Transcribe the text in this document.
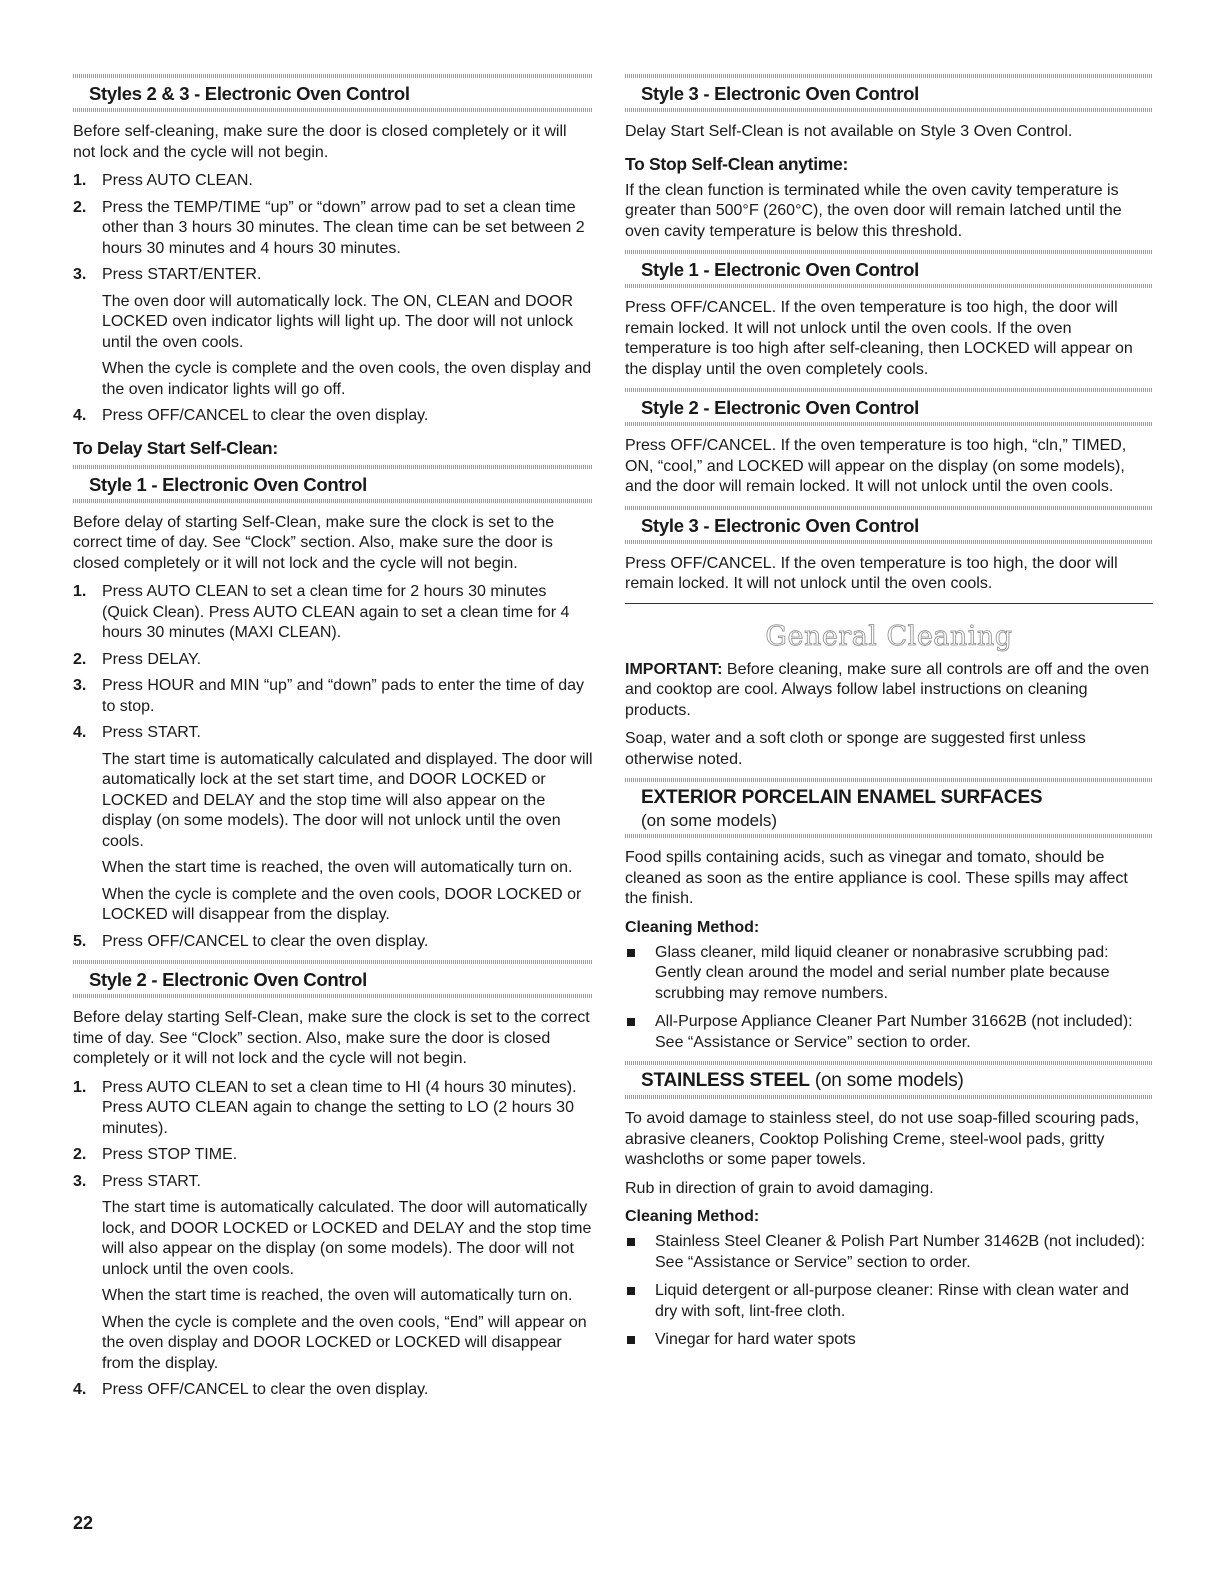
Styles 2 & 3 - Electronic Oven Control

Before self-cleaning, make sure the door is closed completely or it will not lock and the cycle will not begin.

1. Press AUTO CLEAN.
2. Press the TEMP/TIME “up” or “down” arrow pad to set a clean time other than 3 hours 30 minutes. The clean time can be set between 2 hours 30 minutes and 4 hours 30 minutes.
3. Press START/ENTER.
The oven door will automatically lock. The ON, CLEAN and DOOR LOCKED oven indicator lights will light up. The door will not unlock until the oven cools.
When the cycle is complete and the oven cools, the oven display and the oven indicator lights will go off.
4. Press OFF/CANCEL to clear the oven display.
To Delay Start Self-Clean:
Style 1 - Electronic Oven Control

Before delay of starting Self-Clean, make sure the clock is set to the correct time of day. See “Clock” section. Also, make sure the door is closed completely or it will not lock and the cycle will not begin.

1. Press AUTO CLEAN to set a clean time for 2 hours 30 minutes (Quick Clean). Press AUTO CLEAN again to set a clean time for 4 hours 30 minutes (MAXI CLEAN).
2. Press DELAY.
3. Press HOUR and MIN “up” and “down” pads to enter the time of day to stop.
4. Press START.
The start time is automatically calculated and displayed. The door will automatically lock at the set start time, and DOOR LOCKED or LOCKED and DELAY and the stop time will also appear on the display (on some models). The door will not unlock until the oven cools.
When the start time is reached, the oven will automatically turn on.
When the cycle is complete and the oven cools, DOOR LOCKED or LOCKED will disappear from the display.
5. Press OFF/CANCEL to clear the oven display.
Style 2 - Electronic Oven Control

Before delay starting Self-Clean, make sure the clock is set to the correct time of day. See “Clock” section. Also, make sure the door is closed completely or it will not lock and the cycle will not begin.

1. Press AUTO CLEAN to set a clean time to HI (4 hours 30 minutes). Press AUTO CLEAN again to change the setting to LO (2 hours 30 minutes).
2. Press STOP TIME.
3. Press START.
The start time is automatically calculated. The door will automatically lock, and DOOR LOCKED or LOCKED and DELAY and the stop time will also appear on the display (on some models). The door will not unlock until the oven cools.
When the start time is reached, the oven will automatically turn on.
When the cycle is complete and the oven cools, “End” will appear on the oven display and DOOR LOCKED or LOCKED will disappear from the display.
4. Press OFF/CANCEL to clear the oven display.
Style 3 - Electronic Oven Control

Delay Start Self-Clean is not available on Style 3 Oven Control.

To Stop Self-Clean anytime:

If the clean function is terminated while the oven cavity temperature is greater than 500°F (260°C), the oven door will remain latched until the oven cavity temperature is below this threshold.

Style 1 - Electronic Oven Control

Press OFF/CANCEL. If the oven temperature is too high, the door will remain locked. It will not unlock until the oven cools. If the oven temperature is too high after self-cleaning, then LOCKED will appear on the display until the oven completely cools.

Style 2 - Electronic Oven Control

Press OFF/CANCEL. If the oven temperature is too high, “cln,” TIMED, ON, “cool,” and LOCKED will appear on the display (on some models), and the door will remain locked. It will not unlock until the oven cools.

Style 3 - Electronic Oven Control

Press OFF/CANCEL. If the oven temperature is too high, the door will remain locked. It will not unlock until the oven cools.

General Cleaning

IMPORTANT: Before cleaning, make sure all controls are off and the oven and cooktop are cool. Always follow label instructions on cleaning products.

Soap, water and a soft cloth or sponge are suggested first unless otherwise noted.

EXTERIOR PORCELAIN ENAMEL SURFACES
(on some models)

Food spills containing acids, such as vinegar and tomato, should be cleaned as soon as the entire appliance is cool. These spills may affect the finish.

Cleaning Method:
Glass cleaner, mild liquid cleaner or nonabrasive scrubbing pad: Gently clean around the model and serial number plate because scrubbing may remove numbers.
All-Purpose Appliance Cleaner Part Number 31662B (not included):
See “Assistance or Service” section to order.
STAINLESS STEEL (on some models)

To avoid damage to stainless steel, do not use soap-filled scouring pads, abrasive cleaners, Cooktop Polishing Creme, steel-wool pads, gritty washcloths or some paper towels.

Rub in direction of grain to avoid damaging.

Cleaning Method:
Stainless Steel Cleaner & Polish Part Number 31462B (not included):
See “Assistance or Service” section to order.
Liquid detergent or all-purpose cleaner: Rinse with clean water and dry with soft, lint-free cloth.
Vinegar for hard water spots
22
